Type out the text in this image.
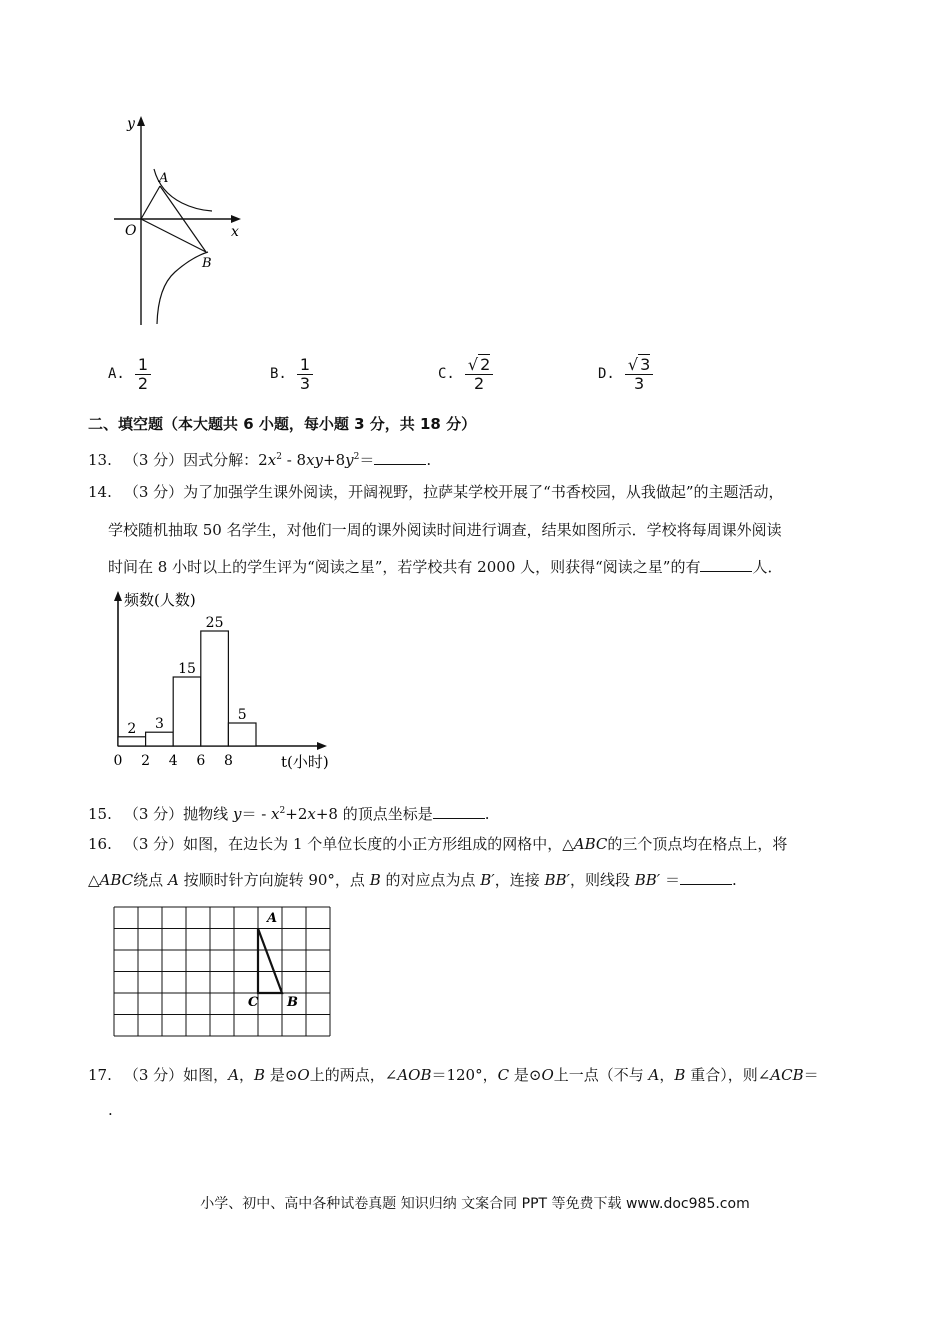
y
x
O
A
B
A. $\frac{1}{2}$	B. $\frac{1}{3}$	C. $\frac{√ 2}{2}$	D. $\frac{√ 3}{3}$
二、填空题（本大题共 6 小题，每小题 3 分，共 18 分）
13. （3 分）因式分解：$2x^2 - 8xy+8y^2=$	.
14. （3 分）为了加强学生课外阅读，开阔视野，拉萨某学校开展了“书香校园，从我做起”的主题活动，
学校随机抽取 50 名学生，对他们一周的课外阅读时间进行调查，结果如图所示．学校将每周课外阅读
时间在 8 小时以上的学生评为“阅读之星”，若学校共有 2000 人，则获得“阅读之星”的有	人．
频数(人数)
t(小时)
2 3
15
25
5
0 2 4 6 8
15. （3 分）抛物线 $y= - x^2+2x+8$ 的顶点坐标是	.
16. （3 分）如图，在边长为 1 个单位长度的小正方形组成的网格中，△ABC的三个顶点均在格点上，将
△ABC绕点 A 按顺时针方向旋转 90°，点 B 的对应点为点 B′，连接 BB′，则线段 BB′ ＝	.
A
C B
17. （3 分）如图，A，B 是⊙O上的两点，∠AOB＝120°，C 是⊙O上一点（不与 A，B 重合），则∠ACB＝
.
小学、初中、高中各种试卷真题 知识归纳 文案合同 PPT 等免费下载 www.doc985.com
